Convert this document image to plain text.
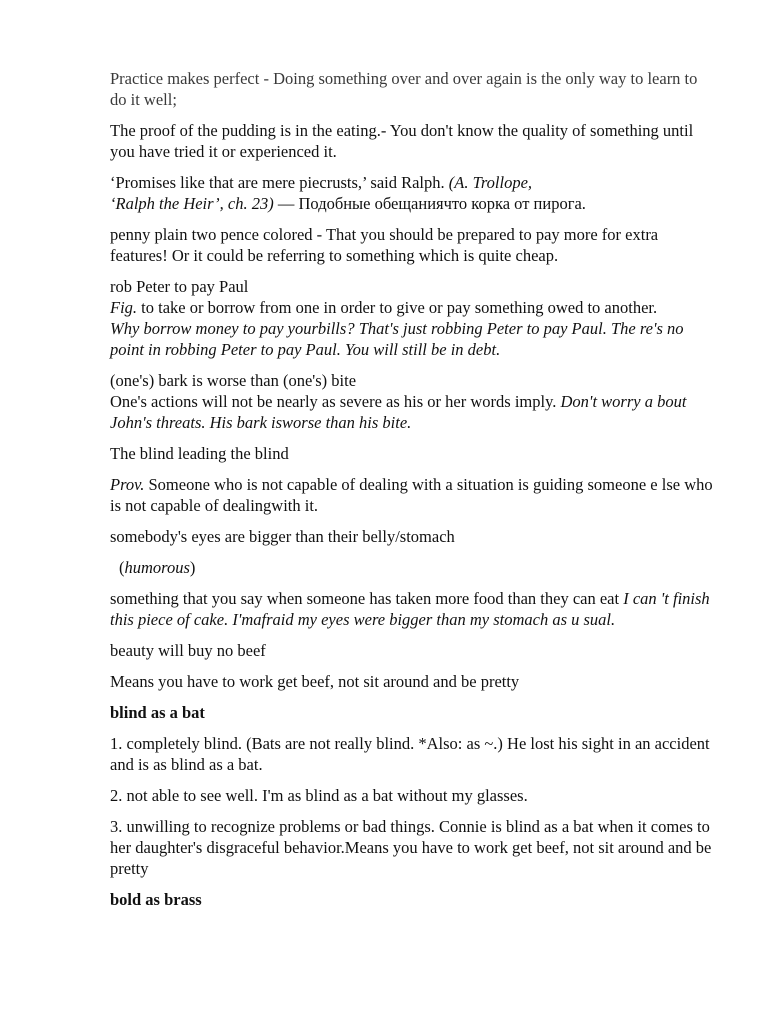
Practice makes perfect - Doing something over and over again is the only way to learn to do it well;

The proof of the pudding is in the eating.- You don't know the quality of something until you have tried it or experienced it.

‘Promises like that are mere piecrusts,’ said Ralph. (A. Trollope,
‘Ralph the Heir’, ch. 23) — Подобные обещаниячто корка от пирога.

penny plain two pence colored - That you should be prepared to pay more for extra features! Or it could be referring to something which is quite cheap.

rob Peter to pay Paul
Fig. to take or borrow from one in order to give or pay something owed to another.
Why borrow money to pay yourbills? That's just robbing Peter to pay Paul. The re's no point in robbing Peter to pay Paul. You will still be in debt.

(one's) bark is worse than (one's) bite
One's actions will not be nearly as severe as his or her words imply. Don't worry a bout John's threats. His bark isworse than his bite.

The blind leading the blind

Prov. Someone who is not capable of dealing with a situation is guiding someone e lse who is not capable of dealingwith it.

somebody's eyes are bigger than their belly/stomach

(humorous)

something that you say when someone has taken more food than they can eat I can 't finish this piece of cake. I'mafraid my eyes were bigger than my stomach as u sual.

beauty will buy no beef

Means you have to work get beef, not sit around and be pretty

blind as a bat

1. completely blind. (Bats are not really blind. *Also: as ~.) He lost his sight in an accident and is as blind as a bat.

2. not able to see well. I'm as blind as a bat without my glasses.

3. unwilling to recognize problems or bad things. Connie is blind as a bat when it comes to her daughter's disgraceful behavior.Means you have to work get beef, not sit around and be pretty

bold as brass
